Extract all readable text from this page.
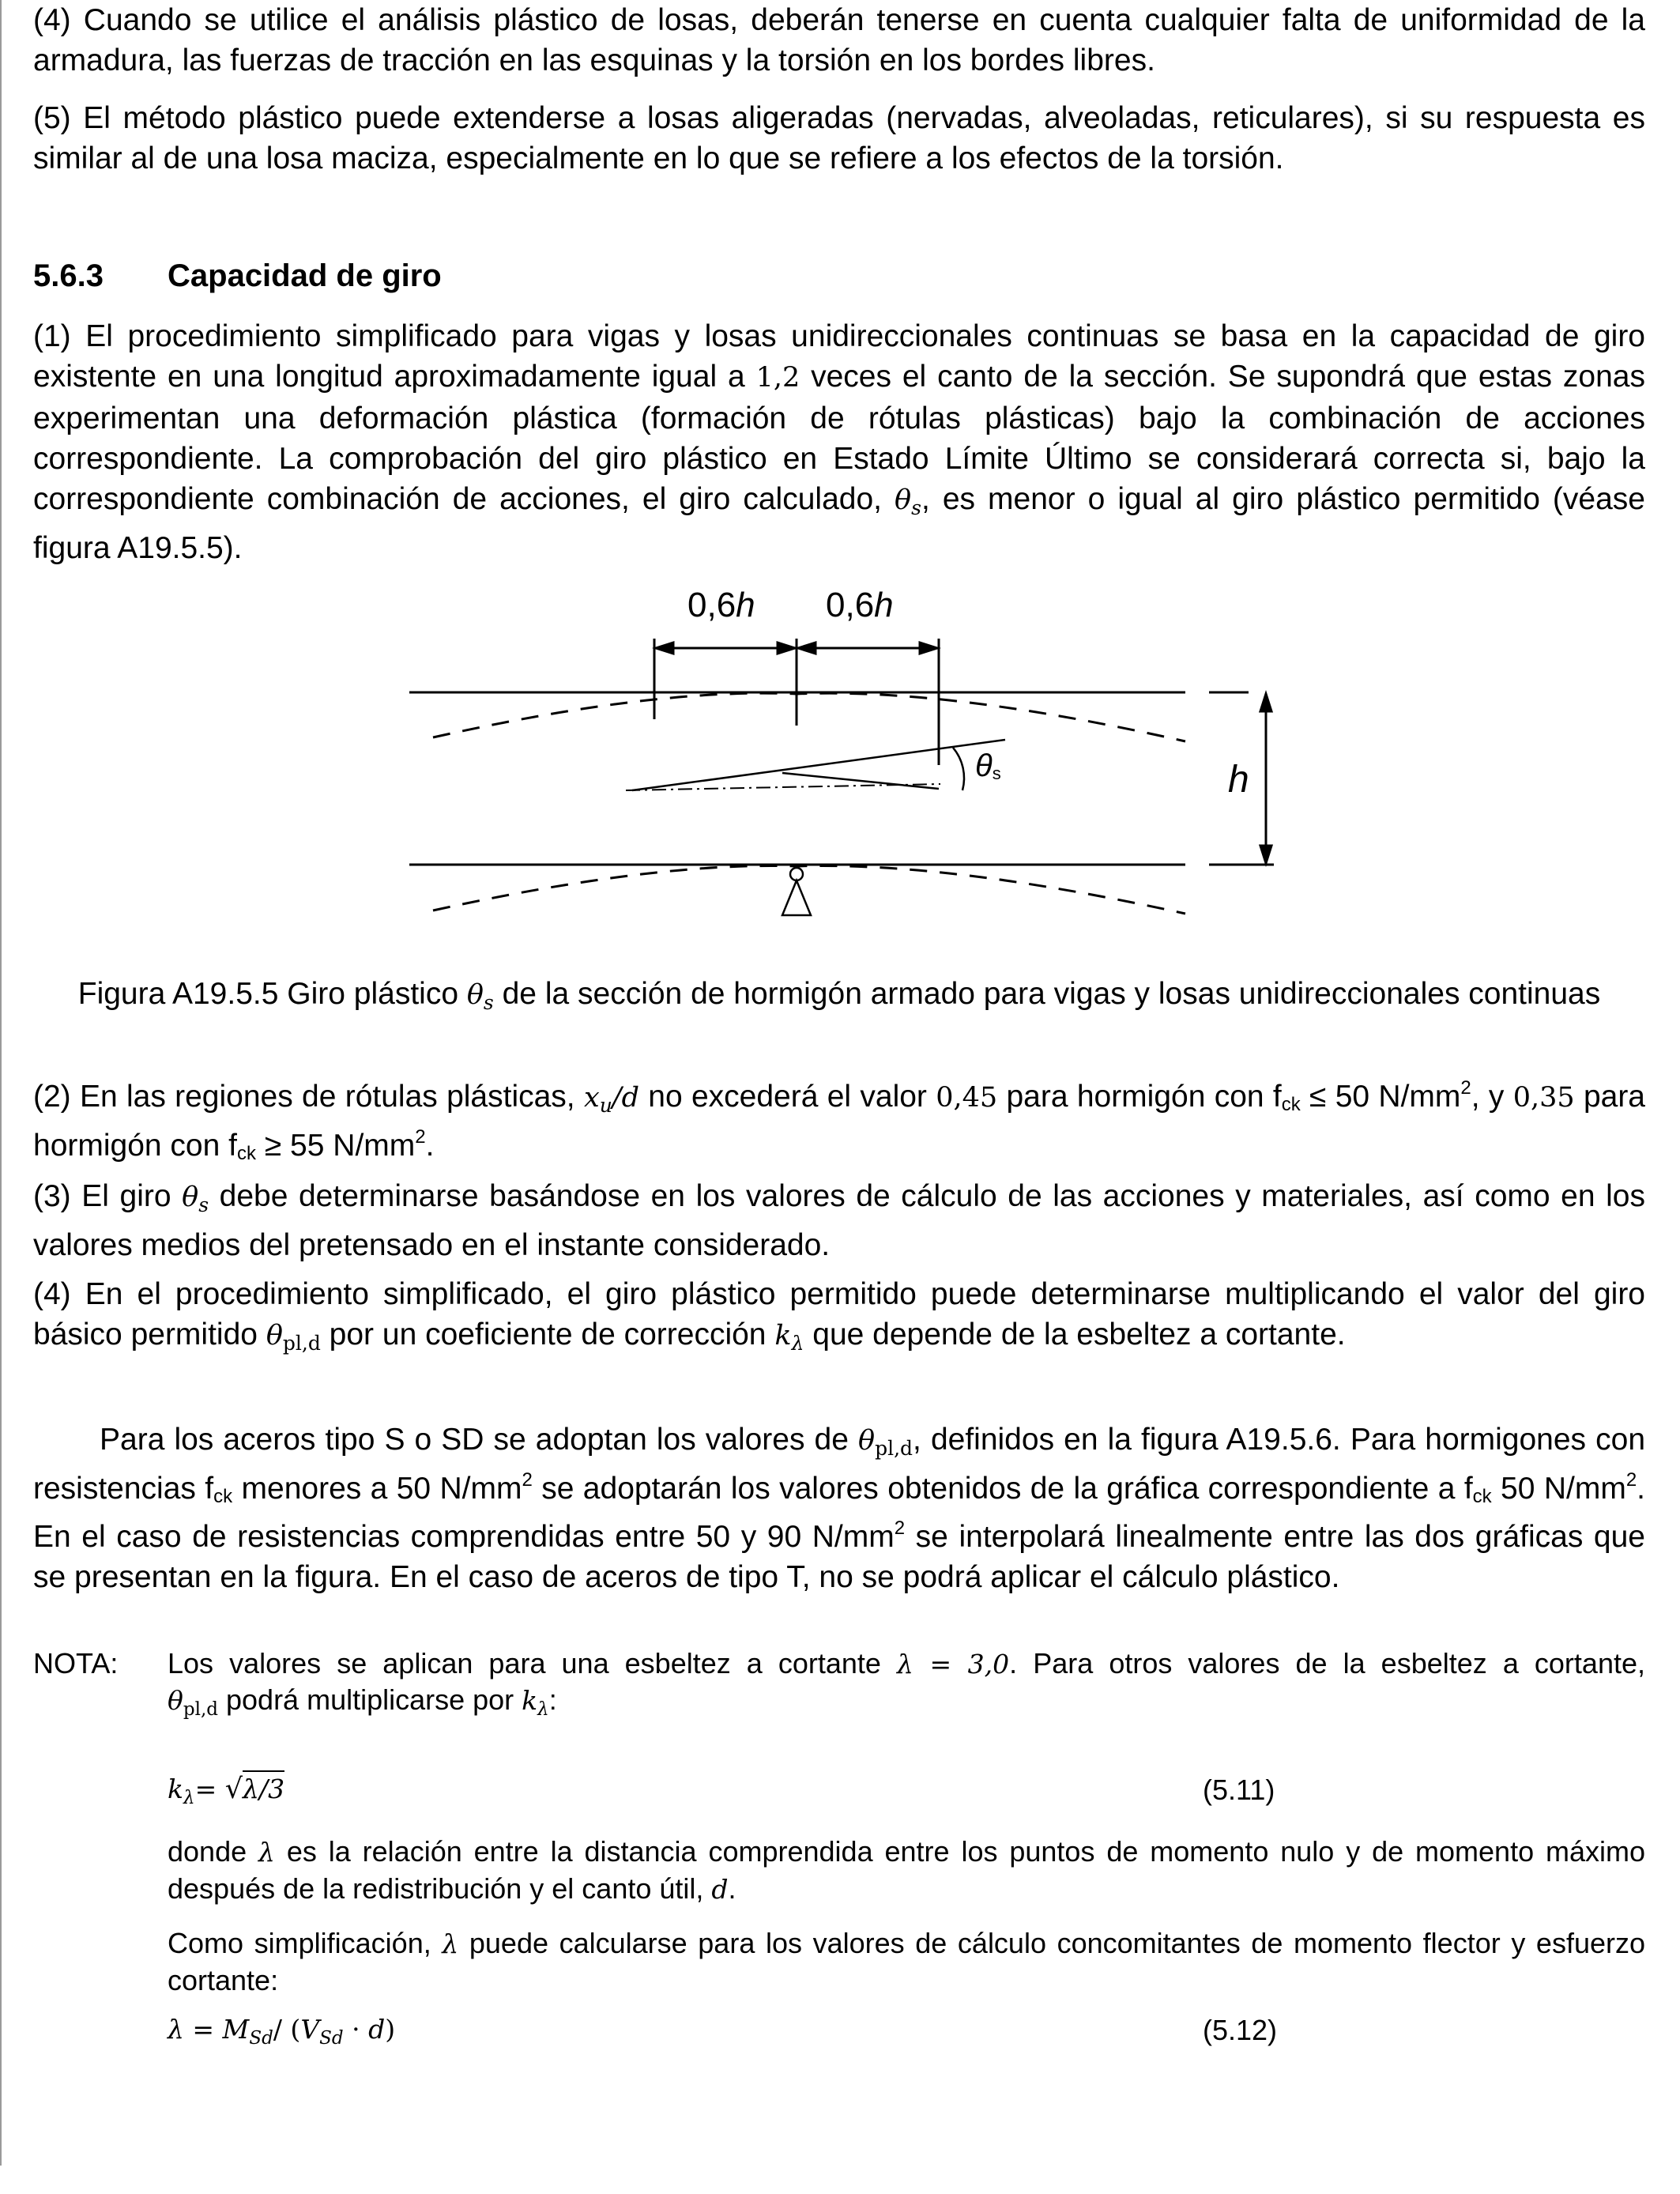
(4) Cuando se utilice el análisis plástico de losas, deberán tenerse en cuenta cualquier falta de uniformidad de la armadura, las fuerzas de tracción en las esquinas y la torsión en los bordes libres.
(5) El método plástico puede extenderse a losas aligeradas (nervadas, alveoladas, reticulares), si su respuesta es similar al de una losa maciza, especialmente en lo que se refiere a los efectos de la torsión.
5.6.3 Capacidad de giro
(1) El procedimiento simplificado para vigas y losas unidireccionales continuas se basa en la capacidad de giro existente en una longitud aproximadamente igual a 1,2 veces el canto de la sección. Se supondrá que estas zonas experimentan una deformación plástica (formación de rótulas plásticas) bajo la combinación de acciones correspondiente. La comprobación del giro plástico en Estado Límite Último se considerará correcta si, bajo la correspondiente combinación de acciones, el giro calculado, θs, es menor o igual al giro plástico permitido (véase figura A19.5.5).
0,6h 0,6h
θs	h
Figura A19.5.5 Giro plástico θs de la sección de hormigón armado para vigas y losas unidireccionales continuas
(2) En las regiones de rótulas plásticas, xu/d no excederá el valor 0,45 para hormigón con fck ≤ 50 $N/mm^2$, y 0,35 para hormigón con fck ≥ 55 $N/mm^2$.
(3) El giro θs debe determinarse basándose en los valores de cálculo de las acciones y materiales, así como en los valores medios del pretensado en el instante considerado.
(4) En el procedimiento simplificado, el giro plástico permitido puede determinarse multiplicando el valor del giro básico permitido θpl,d por un coeficiente de corrección kλ que depende de la esbeltez a cortante.
Para los aceros tipo S o SD se adoptan los valores de θpl,d, definidos en la figura A19.5.6. Para hormigones con resistencias fck menores a 50 $N/mm^2$ se adoptarán los valores obtenidos de la gráfica correspondiente a fck 50 $N/mm^2$. En el caso de resistencias comprendidas entre 50 y 90 $N/mm^2$ se interpolará linealmente entre las dos gráficas que se presentan en la figura. En el caso de aceros de tipo T, no se podrá aplicar el cálculo plástico.
NOTA: Los valores se aplican para una esbeltez a cortante λ = 3,0. Para otros valores de la esbeltez a cortante,
θpl,d podrá multiplicarse por kλ:
kλ= √λ/3	(5.11)
donde λ es la relación entre la distancia comprendida entre los puntos de momento nulo y de momento máximo después de la redistribución y el canto útil, d.
Como simplificación, λ puede calcularse para los valores de cálculo concomitantes de momento flector y esfuerzo cortante:
λ = MSd/ (VSd · d)	(5.12)
